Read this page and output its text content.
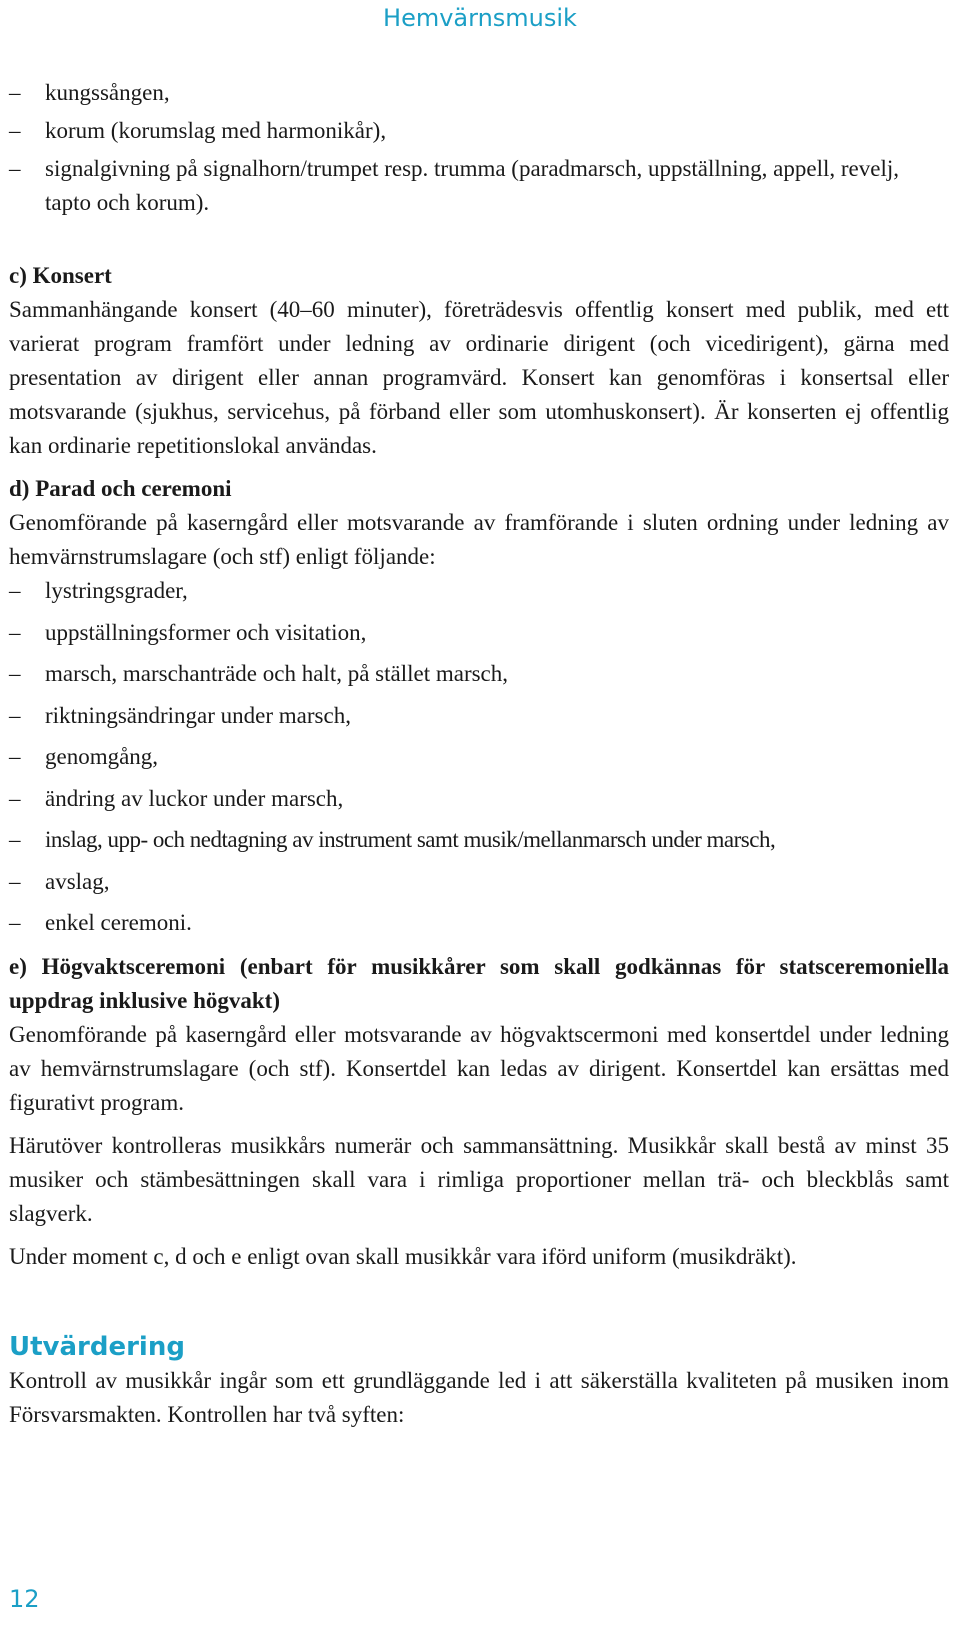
Hemvärnsmusik
– kungssången,
– korum (korumslag med harmonikår),
– signalgivning på signalhorn/trumpet resp. trumma (paradmarsch, uppställning, appell, revelj, tapto och korum).

c) Konsert

Sammanhängande konsert (40–60 minuter), företrädesvis offentlig konsert med publik, med ett varierat program framfört under ledning av ordinarie dirigent (och vicedirigent), gärna med presentation av dirigent eller annan programvärd. Konsert kan genomföras i konsertsal eller motsvarande (sjukhus, servicehus, på förband eller som utomhuskonsert). Är konserten ej offentlig kan ordinarie repetitionslokal användas.

d) Parad och ceremoni

Genomförande på kaserngård eller motsvarande av framförande i sluten ordning under ledning av hemvärnstrumslagare (och stf) enligt följande:

– lystringsgrader,
– uppställningsformer och visitation,
– marsch, marschanträde och halt, på stället marsch,
– riktningsändringar under marsch,
– genomgång,
– ändring av luckor under marsch,
– inslag, upp- och nedtagning av instrument samt musik/mellanmarsch under marsch,
– avslag,
– enkel ceremoni.

e) Högvaktsceremoni (enbart för musikkårer som skall godkännas för statsceremoniella uppdrag inklusive högvakt)

Genomförande på kaserngård eller motsvarande av högvaktscermoni med konsertdel under ledning av hemvärnstrumslagare (och stf). Konsertdel kan ledas av dirigent. Konsertdel kan ersättas med figurativt program.

Härutöver kontrolleras musikkårs numerär och sammansättning. Musikkår skall bestå av minst 35 musiker och stämbesättningen skall vara i rimliga proportioner mellan trä- och bleckblås samt slagverk.

Under moment c, d och e enligt ovan skall musikkår vara iförd uniform (musikdräkt).

Utvärdering

Kontroll av musikkår ingår som ett grundläggande led i att säkerställa kvaliteten på musiken inom Försvarsmakten. Kontrollen har två syften:

12
